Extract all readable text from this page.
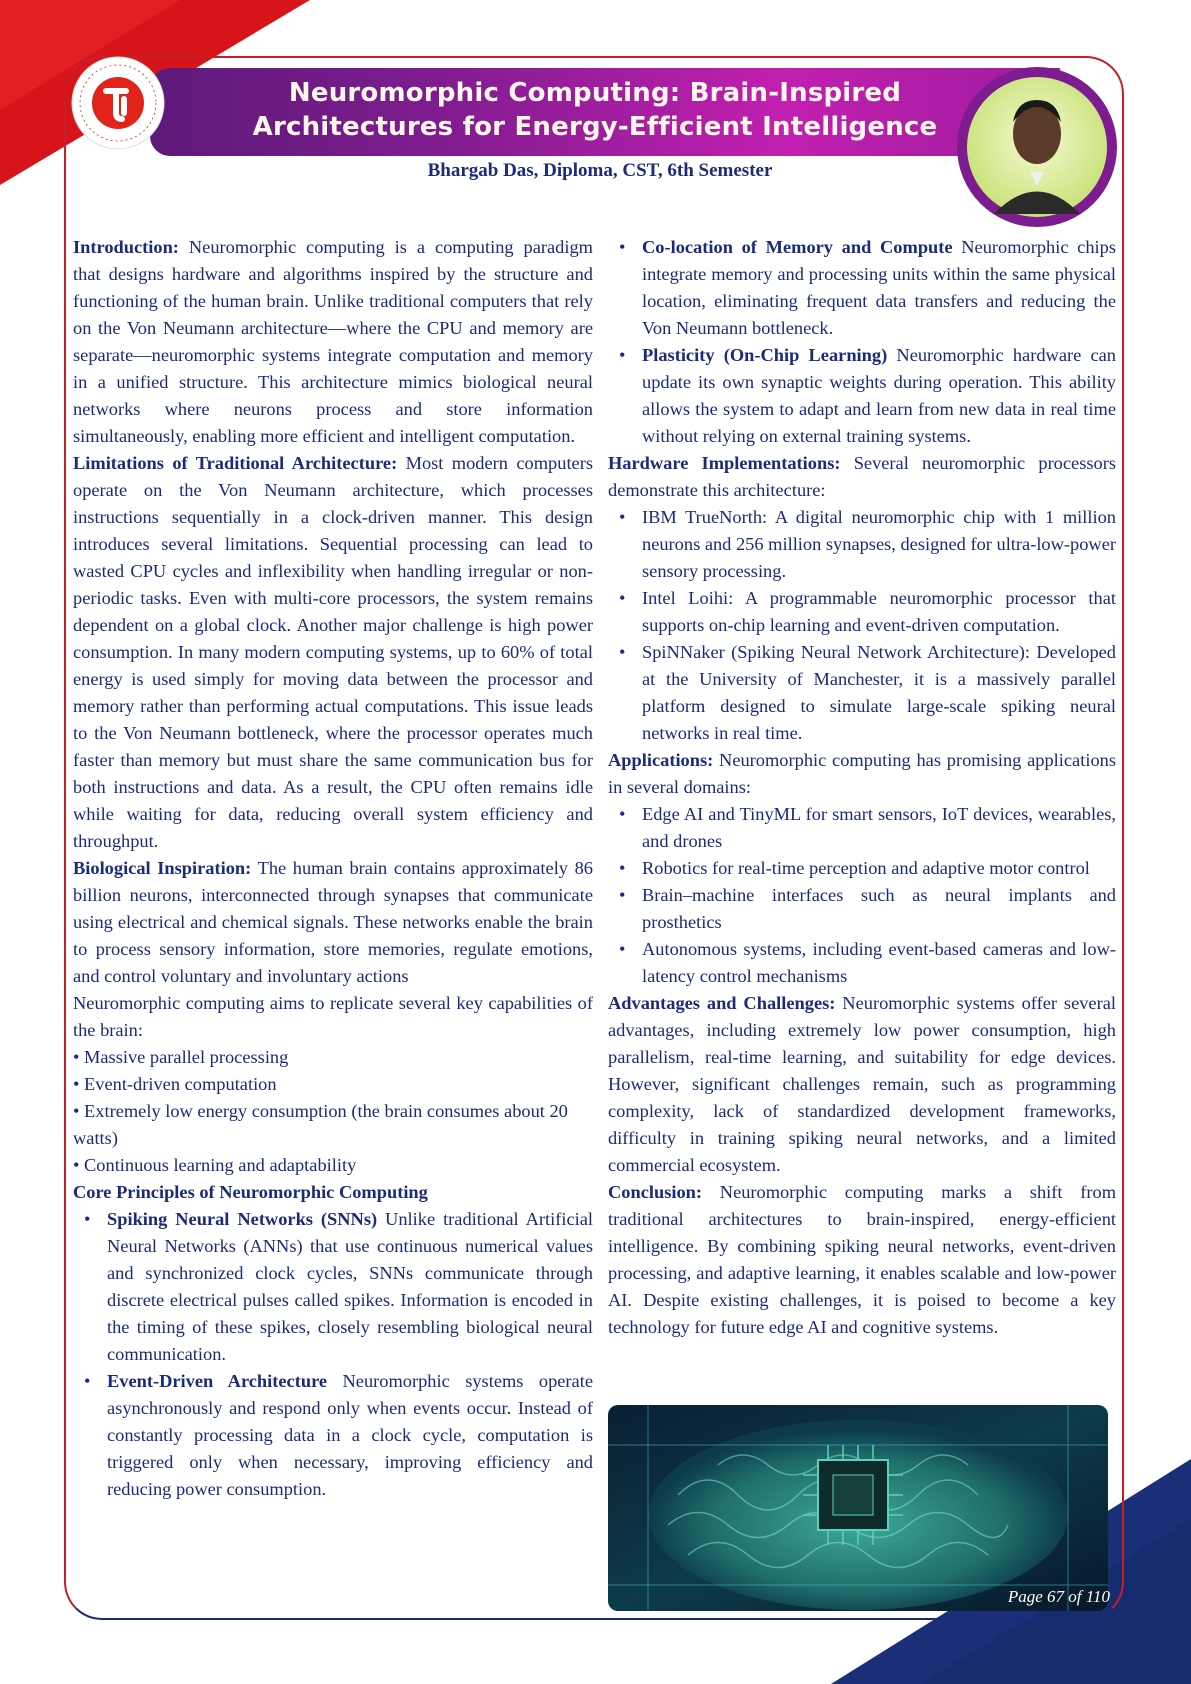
Neuromorphic Computing: Brain-Inspired
Architectures for Energy-Efficient Intelligence
Bhargab Das, Diploma, CST, 6th Semester

Introduction: Neuromorphic computing is a computing paradigm that designs hardware and algorithms inspired by the structure and functioning of the human brain. Unlike traditional computers that rely on the Von Neumann architecture—where the CPU and memory are separate—neuromorphic systems integrate computation and memory in a unified structure. This architecture mimics biological neural networks where neurons process and store information simultaneously, enabling more efficient and intelligent computation.

Limitations of Traditional Architecture: Most modern computers operate on the Von Neumann architecture, which processes instructions sequentially in a clock-driven manner. This design introduces several limitations. Sequential processing can lead to wasted CPU cycles and inflexibility when handling irregular or non-periodic tasks. Even with multi-core processors, the system remains dependent on a global clock. Another major challenge is high power consumption. In many modern computing systems, up to 60% of total energy is used simply for moving data between the processor and memory rather than performing actual computations. This issue leads to the Von Neumann bottleneck, where the processor operates much faster than memory but must share the same communication bus for both instructions and data. As a result, the CPU often remains idle while waiting for data, reducing overall system efficiency and throughput.

Biological Inspiration: The human brain contains approximately 86 billion neurons, interconnected through synapses that communicate using electrical and chemical signals. These networks enable the brain to process sensory information, store memories, regulate emotions, and control voluntary and involuntary actions

Neuromorphic computing aims to replicate several key capabilities of the brain:

• Massive parallel processing

• Event-driven computation

• Extremely low energy consumption (the brain consumes about 20 watts)

• Continuous learning and adaptability

Core Principles of Neuromorphic Computing

• Spiking Neural Networks (SNNs) Unlike traditional Artificial Neural Networks (ANNs) that use continuous numerical values and synchronized clock cycles, SNNs communicate through discrete electrical pulses called spikes. Information is encoded in the timing of these spikes, closely resembling biological neural communication.
• Event-Driven Architecture Neuromorphic systems operate asynchronously and respond only when events occur. Instead of constantly processing data in a clock cycle, computation is triggered only when necessary, improving efficiency and reducing power consumption.
• Co-location of Memory and Compute Neuromorphic chips integrate memory and processing units within the same physical location, eliminating frequent data transfers and reducing the Von Neumann bottleneck.
• Plasticity (On-Chip Learning) Neuromorphic hardware can update its own synaptic weights during operation. This ability allows the system to adapt and learn from new data in real time without relying on external training systems.

Hardware Implementations: Several neuromorphic processors demonstrate this architecture:

• IBM TrueNorth: A digital neuromorphic chip with 1 million neurons and 256 million synapses, designed for ultra-low-power sensory processing.
• Intel Loihi: A programmable neuromorphic processor that supports on-chip learning and event-driven computation.
• SpiNNaker (Spiking Neural Network Architecture): Developed at the University of Manchester, it is a massively parallel platform designed to simulate large-scale spiking neural networks in real time.

Applications: Neuromorphic computing has promising applications in several domains:

• Edge AI and TinyML for smart sensors, IoT devices, wearables, and drones
• Robotics for real-time perception and adaptive motor control
• Brain–machine interfaces such as neural implants and prosthetics
• Autonomous systems, including event-based cameras and low-latency control mechanisms

Advantages and Challenges: Neuromorphic systems offer several advantages, including extremely low power consumption, high parallelism, real-time learning, and suitability for edge devices. However, significant challenges remain, such as programming complexity, lack of standardized development frameworks, difficulty in training spiking neural networks, and a limited commercial ecosystem.

Conclusion: Neuromorphic computing marks a shift from traditional architectures to brain-inspired, energy-efficient intelligence. By combining spiking neural networks, event-driven processing, and adaptive learning, it enables scalable and low-power AI. Despite existing challenges, it is poised to become a key technology for future edge AI and cognitive systems.

Page 67 of 110
